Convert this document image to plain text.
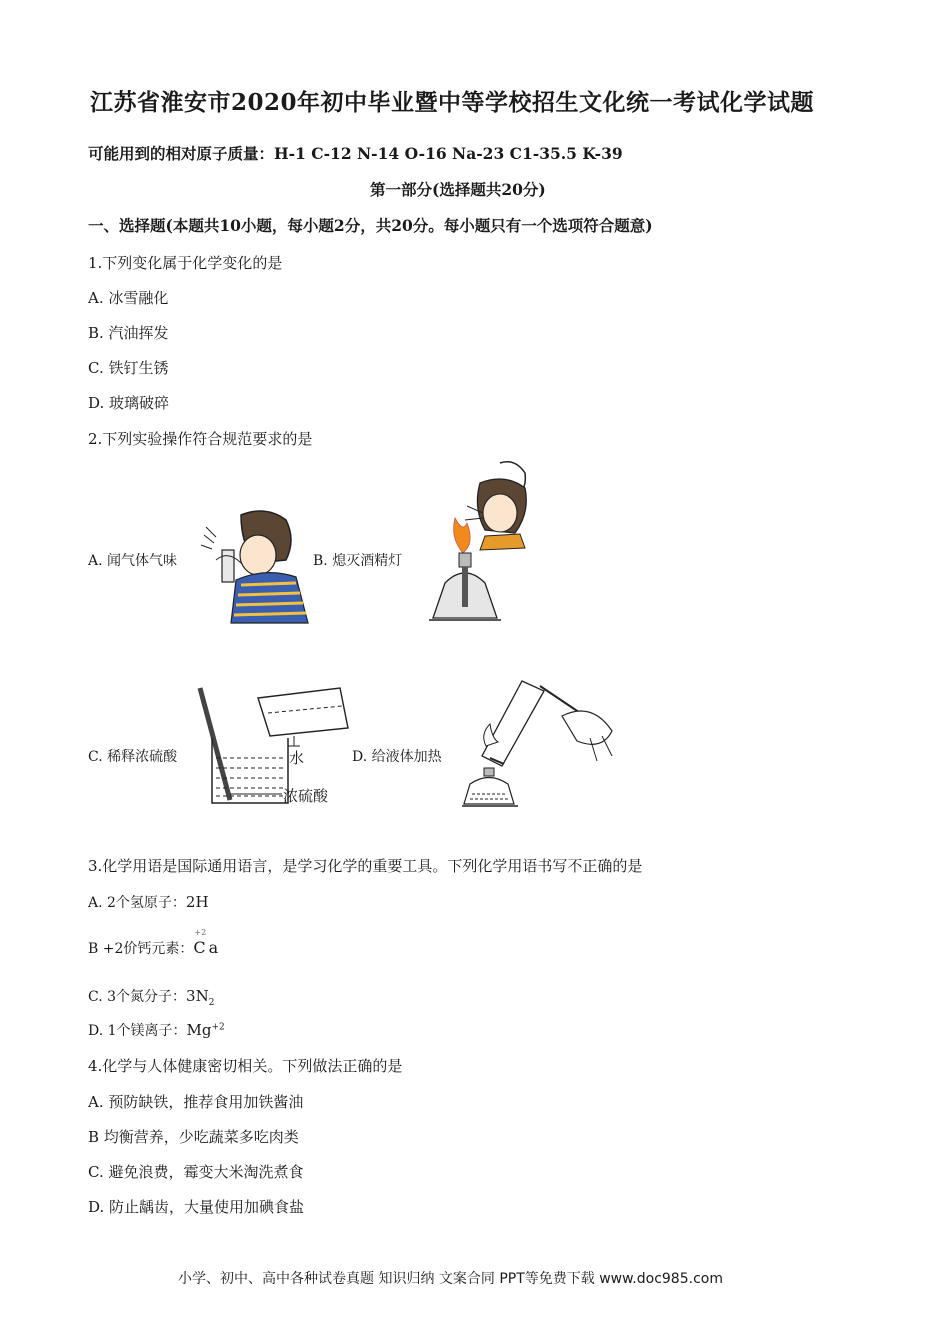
江苏省淮安市2020年初中毕业暨中等学校招生文化统一考试化学试题
可能用到的相对原子质量：H-1 C-12 N-14 O-16 Na-23 C1-35.5 K-39
第一部分(选择题共20分)
一、选择题(本题共10小题，每小题2分，共20分。每小题只有一个选项符合题意)
1.下列变化属于化学变化的是
A. 冰雪融化
B. 汽油挥发
C. 铁钉生锈
D. 玻璃破碎
2.下列实验操作符合规范要求的是
A. 闻气体气味	B. 熄灭酒精灯
C. 稀释浓硫酸	水
浓硫酸
D. 给液体加热
3.化学用语是国际通用语言，是学习化学的重要工具。下列化学用语书写不正确的是
A. 2个氢原子：2H
B +2价钙元素：
+2
Ca
C. 3个氮分子：$3N_2$
D. 1个镁离子：$Mg^{+2}$
4.化学与人体健康密切相关。下列做法正确的是
A. 预防缺铁，推荐食用加铁酱油
B 均衡营养，少吃蔬菜多吃肉类
C. 避免浪费，霉变大米淘洗煮食
D. 防止龋齿，大量使用加碘食盐
小学、初中、高中各种试卷真题 知识归纳 文案合同 PPT等免费下载 www.doc985.com
